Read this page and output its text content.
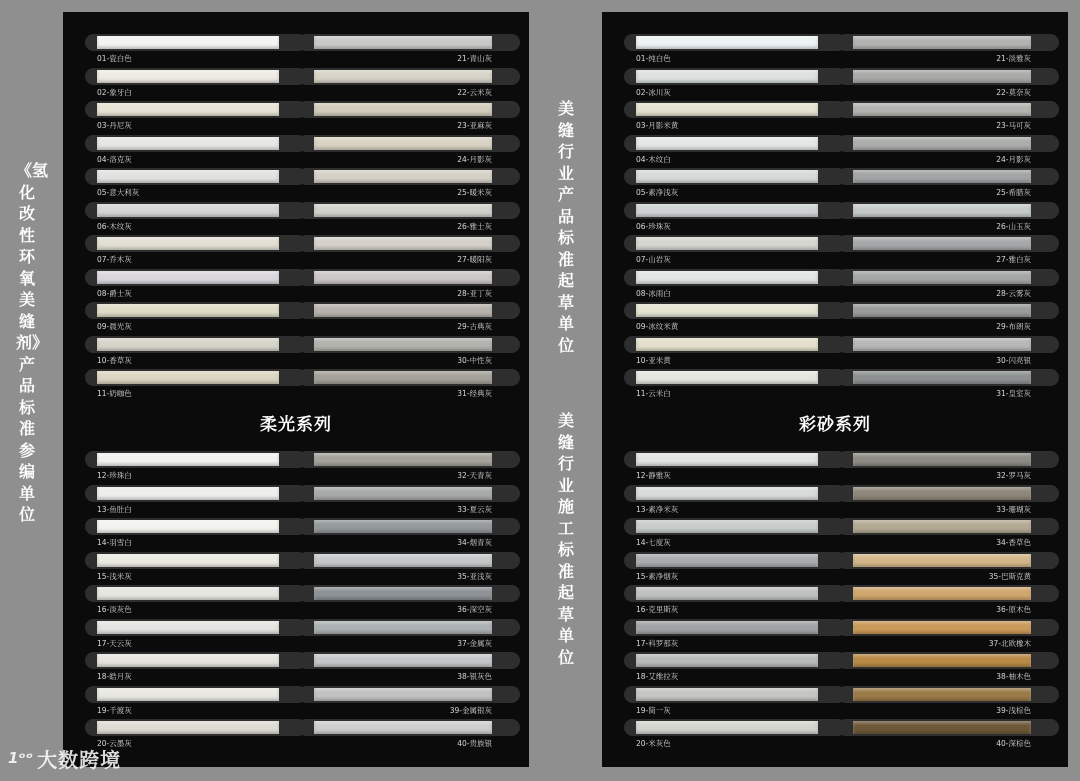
01-瓷白色	21-青山灰
02-象牙白	22-云米灰
03-丹尼灰	23-亚麻灰
04-洛克灰	24-月影灰
05-意大利灰	25-暖米灰
06-木纹灰	26-雅士灰
07-乔木灰	27-暖阳灰
08-爵士灰	28-亚丁灰
09-晨光灰	29-古典灰
10-香草灰	30-中性灰
11-奶咖色	31-经典灰
12-珍珠白	32-天青灰
13-鱼肚白	33-夏云灰
14-羽雪白	34-烟青灰
15-浅米灰	35-亚浅灰
16-淡灰色	36-深空灰
17-天云灰	37-金属灰
18-皓月灰	38-银灰色
19-千渡灰	39-金属银灰
20-云墨灰	40-贵族银
柔光系列
01-纯白色	21-淡雅灰
02-冰川灰	22-莫奈灰
03-月影米黄	23-马可灰
04-木纹白	24-月影灰
05-素净浅灰	25-希腊灰
06-珍珠灰	26-山玉灰
07-山岩灰	27-雅白灰
08-冰雨白	28-云雾灰
09-冰纹米黄	29-布朗灰
10-亚米黄	30-闪亮银
11-云米白	31-皇室灰
12-静雅灰	32-罗马灰
13-素净米灰	33-珊瑚灰
14-七度灰	34-香草色
15-素净烟灰	35-巴斯克黄
16-克里斯灰	36-原木色
17-科罗那灰	37-北欧橡木
18-艾维拉灰	38-柚木色
19-简一灰	39-浅棕色
20-米灰色	40-深棕色
彩砂系列
《氢化改性环氧美缝剂》产品标准参编单位
美缝行业产品标准起草单位
美缝行业施工标准起草单位
1ᵒᵒ 大数跨境
